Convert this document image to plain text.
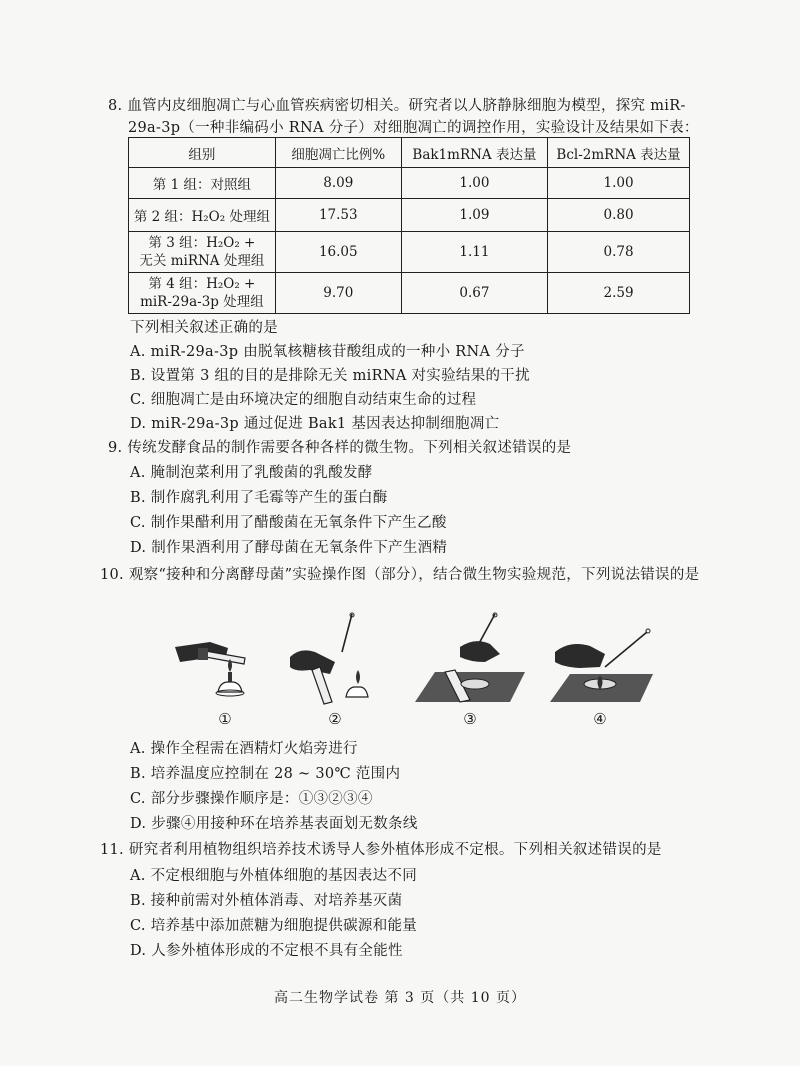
8. 血管内皮细胞凋亡与心血管疾病密切相关。研究者以人脐静脉细胞为模型，探究 miR-
29a-3p（一种非编码小 RNA 分子）对细胞凋亡的调控作用，实验设计及结果如下表：
组别	细胞凋亡比例%	Bak1mRNA 表达量	Bcl-2mRNA 表达量
第 1 组：对照组	8.09	1.00	1.00
第 2 组：H₂O₂ 处理组	17.53	1.09	0.80

第 3 组：H₂O₂ +
无关 miRNA 处理组	16.05	1.11	0.78

第 4 组：H₂O₂ +
miR-29a-3p 处理组	9.70	0.67	2.59
下列相关叙述正确的是
A. miR-29a-3p 由脱氧核糖核苷酸组成的一种小 RNA 分子
B. 设置第 3 组的目的是排除无关 miRNA 对实验结果的干扰
C. 细胞凋亡是由环境决定的细胞自动结束生命的过程
D. miR-29a-3p 通过促进 Bak1 基因表达抑制细胞凋亡
9. 传统发酵食品的制作需要各种各样的微生物。下列相关叙述错误的是
A. 腌制泡菜利用了乳酸菌的乳酸发酵
B. 制作腐乳利用了毛霉等产生的蛋白酶
C. 制作果醋利用了醋酸菌在无氧条件下产生乙酸
D. 制作果酒利用了酵母菌在无氧条件下产生酒精
10. 观察“接种和分离酵母菌”实验操作图（部分），结合微生物实验规范，下列说法错误的是
①	②	③	④
A. 操作全程需在酒精灯火焰旁进行
B. 培养温度应控制在 28 ~ 30℃ 范围内
C. 部分步骤操作顺序是：①③②③④
D. 步骤④用接种环在培养基表面划无数条线
11. 研究者利用植物组织培养技术诱导人参外植体形成不定根。下列相关叙述错误的是
A. 不定根细胞与外植体细胞的基因表达不同
B. 接种前需对外植体消毒、对培养基灭菌
C. 培养基中添加蔗糖为细胞提供碳源和能量
D. 人参外植体形成的不定根不具有全能性
高二生物学试卷 第 3 页（共 10 页）
